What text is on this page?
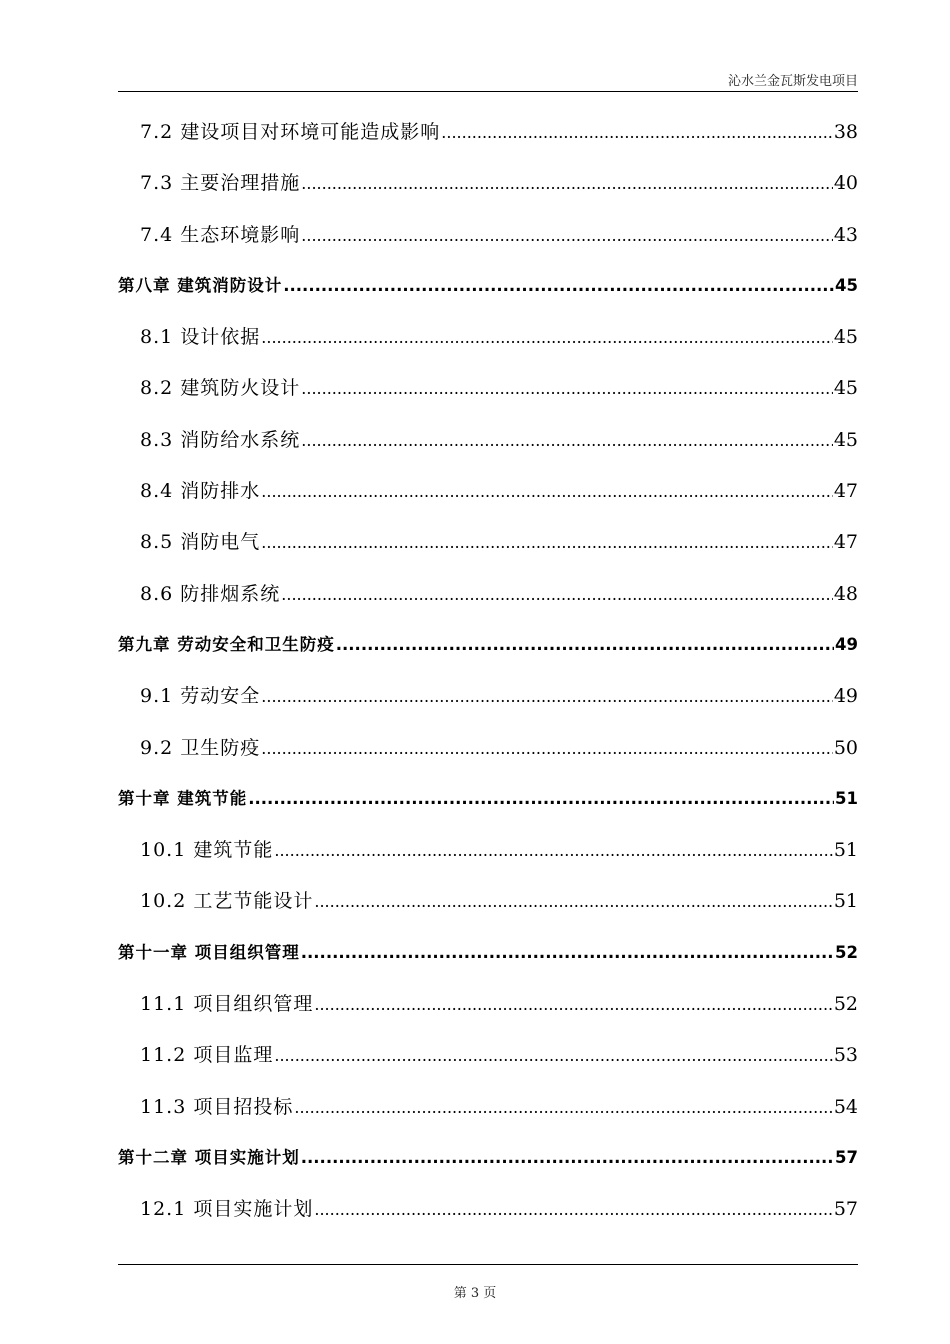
沁水兰金瓦斯发电项目
7.2 建设项目对环境可能造成影响 .....	38
7.3 主要治理措施 .....	40
7.4 生态环境影响 .....	43
第八章 建筑消防设计 .....	45
8.1 设计依据 .....	45
8.2 建筑防火设计 .....	45
8.3 消防给水系统 .....	45
8.4 消防排水 .....	47
8.5 消防电气 .....	47
8.6 防排烟系统 .....	48
第九章 劳动安全和卫生防疫 .....	49
9.1 劳动安全 .....	49
9.2 卫生防疫 .....	50
第十章 建筑节能 .....	51
10.1 建筑节能 .....	51
10.2 工艺节能设计 .....	51
第十一章 项目组织管理 .....	52
11.1 项目组织管理 .....	52
11.2 项目监理 .....	53
11.3 项目招投标 .....	54
第十二章 项目实施计划 .....	57
12.1 项目实施计划 .....	57
第 3 页
